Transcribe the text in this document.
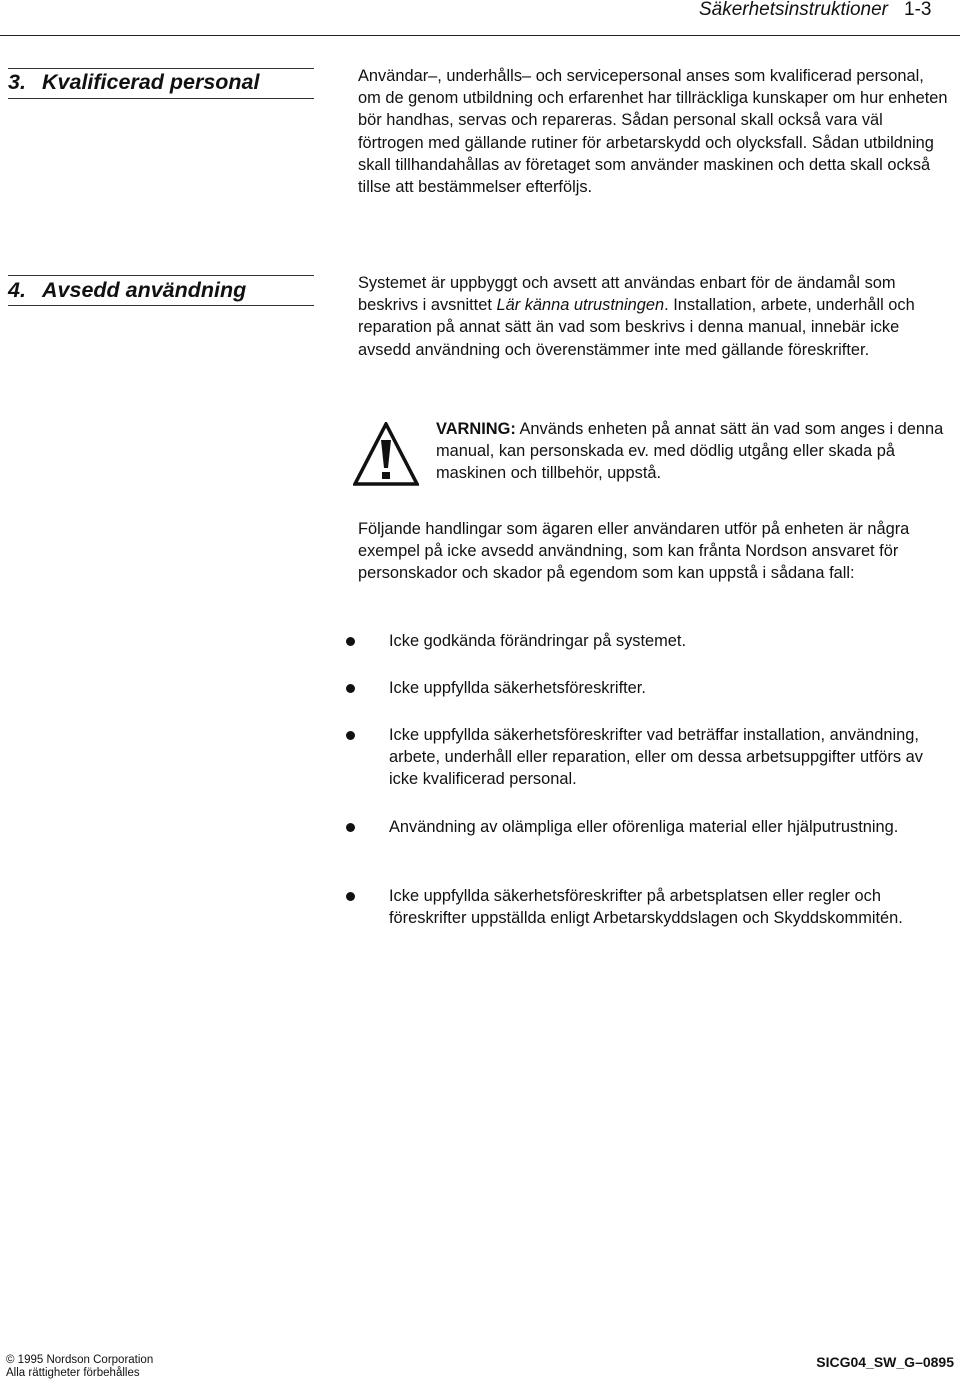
Säkerhetsinstruktioner 1-3
3. Kvalificerad personal	Användar–, underhålls– och servicepersonal anses som kvalificerad personal, om de genom utbildning och erfarenhet har tillräckliga kunskaper om hur enheten bör handhas, servas och repareras. Sådan personal skall också vara väl förtrogen med gällande rutiner för arbetarskydd och olycksfall. Sådan utbildning skall tillhandahållas av företaget som använder maskinen och detta skall också tillse att bestämmelser efterföljs.

4. Avsedd användning	Systemet är uppbyggt och avsett att användas enbart för de ändamål som beskrivs i avsnittet Lär känna utrustningen. Installation, arbete, underhåll och reparation på annat sätt än vad som beskrivs i denna manual, innebär icke avsedd användning och överenstämmer inte med gällande föreskrifter.

VARNING: Används enheten på annat sätt än vad som anges i denna manual, kan personskada ev. med dödlig utgång eller skada på maskinen och tillbehör, uppstå.

Följande handlingar som ägaren eller användaren utför på enheten är några exempel på icke avsedd användning, som kan frånta Nordson ansvaret för personskador och skador på egendom som kan uppstå i sådana fall:

Icke godkända förändringar på systemet.

Icke uppfyllda säkerhetsföreskrifter.

Icke uppfyllda säkerhetsföreskrifter vad beträffar installation, användning, arbete, underhåll eller reparation, eller om dessa arbetsuppgifter utförs av icke kvalificerad personal.

Användning av olämpliga eller oförenliga material eller hjälputrustning.

Icke uppfyllda säkerhetsföreskrifter på arbetsplatsen eller regler och föreskrifter uppställda enligt Arbetarskyddslagen och Skyddskommitén.

© 1995 Nordson Corporation
Alla rättigheter förbehålles
SICG04_SW_G–0895
